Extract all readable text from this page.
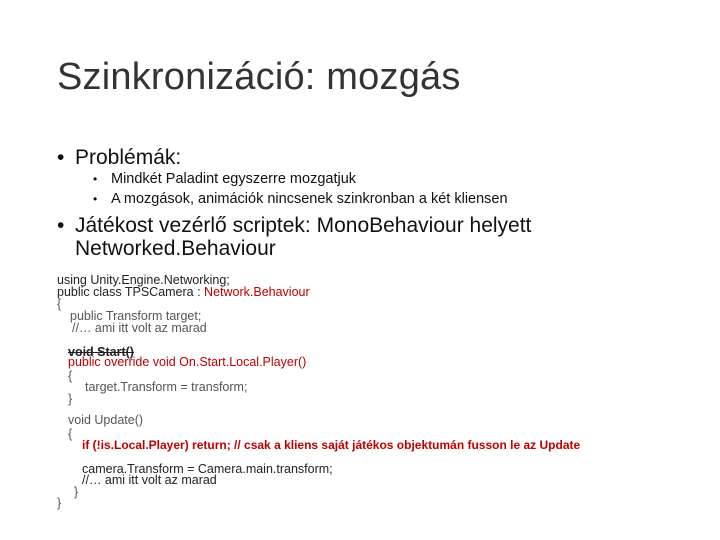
Szinkronizáció: mozgás
• Problémák:
• Mindkét Paladint egyszerre mozgatjuk
• A mozgások, animációk nincsenek szinkronban a két kliensen
• Játékost vezérlő scriptek: MonoBehaviour helyett
Networked.Behaviour
using Unity.Engine.Networking;
public class TPSCamera : Network.Behaviour
{
public Transform target;
//… ami itt volt az marad
void Start()
public override void On.Start.Local.Player()
{
target.Transform = transform;
}
void Update()
{
if (!is.Local.Player) return; // csak a kliens saját játékos objektumán fusson le az Update
camera.Transform = Camera.main.transform;
//… ami itt volt az marad
}
}
